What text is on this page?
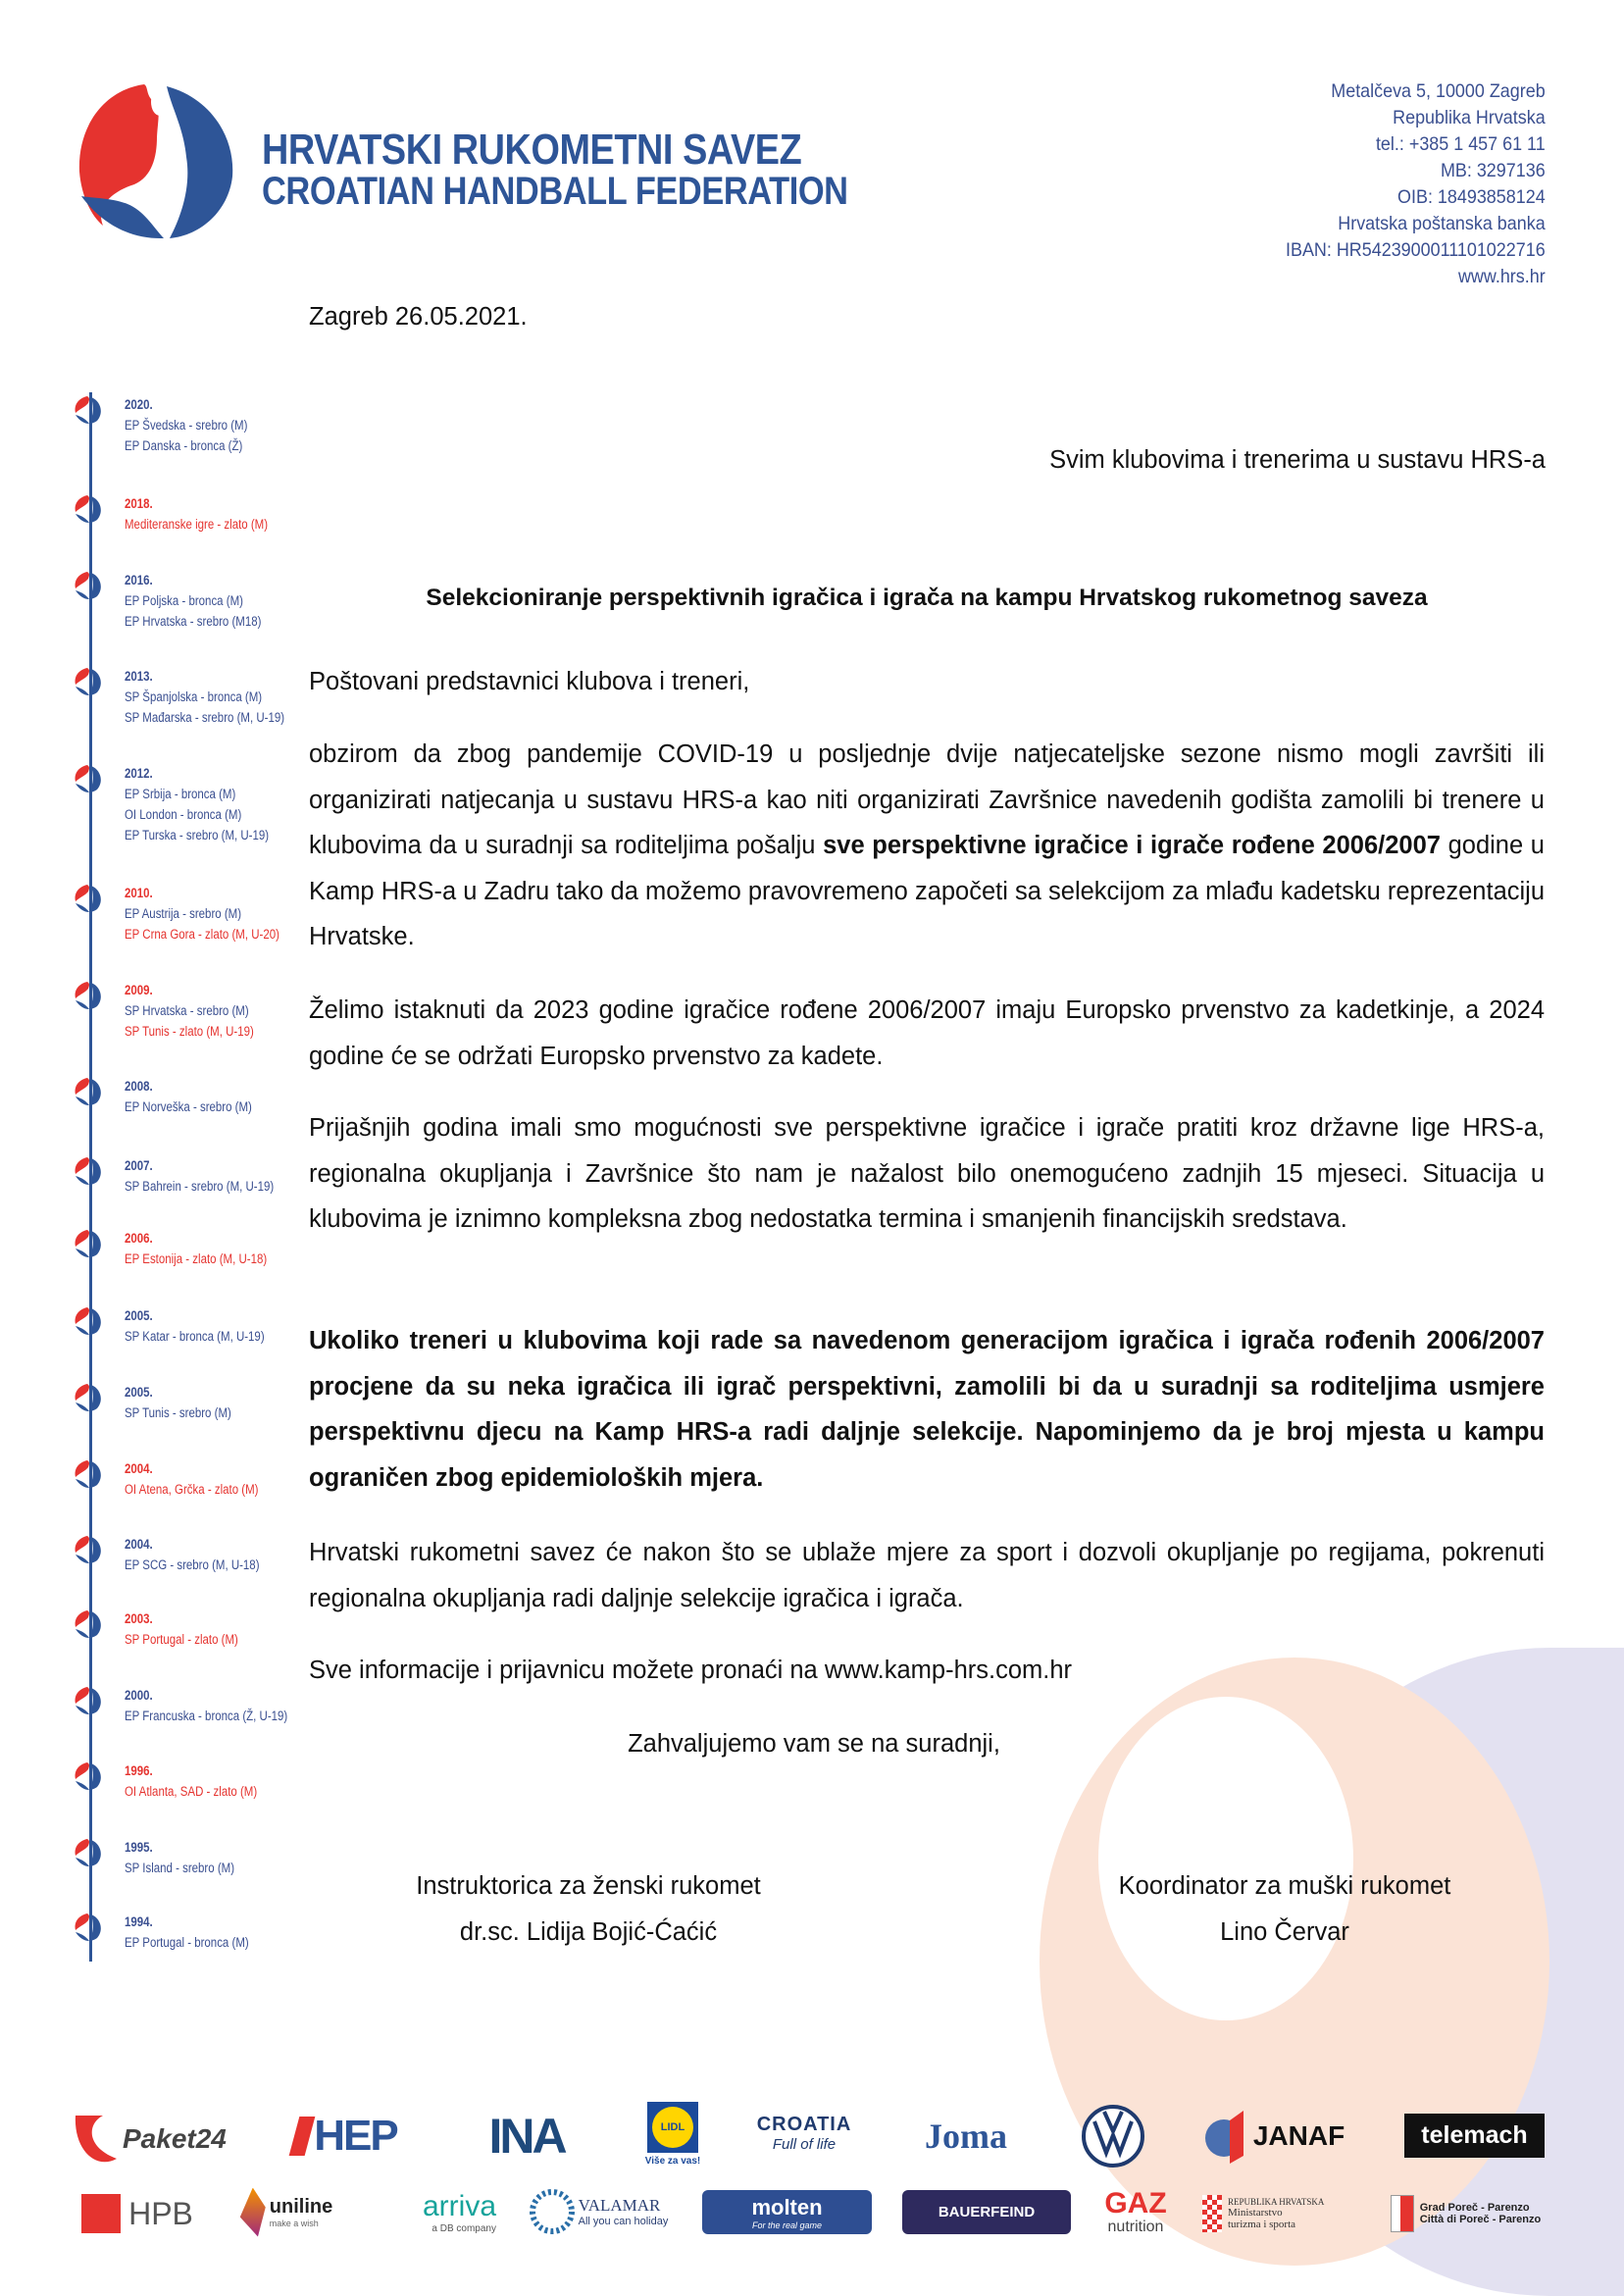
HRVATSKI RUKOMETNI SAVEZ
CROATIAN HANDBALL FEDERATION
Metalčeva 5, 10000 Zagreb
Republika Hrvatska
tel.: +385 1 457 61 11
MB: 3297136
OIB: 18493858124
Hrvatska poštanska banka
IBAN: HR5423900011101022716
www.hrs.hr
2020.
EP Švedska - srebro (M)
EP Danska - bronca (Ž)
2018.
Mediteranske igre - zlato (M)
2016.
EP Poljska - bronca (M)
EP Hrvatska - srebro (M18)
2013.
SP Španjolska - bronca (M)
SP Mađarska - srebro (M, U-19)
2012.
EP Srbija - bronca (M)
OI London - bronca (M)
EP Turska - srebro (M, U-19)
2010.
EP Austrija - srebro (M)
EP Crna Gora - zlato (M, U-20)
2009.
SP Hrvatska - srebro (M)
SP Tunis - zlato (M, U-19)
2008.
EP Norveška - srebro (M)
2007.
SP Bahrein - srebro (M, U-19)
2006.
EP Estonija - zlato (M, U-18)
2005.
SP Katar - bronca (M, U-19)
2005.
SP Tunis - srebro (M)
2004.
OI Atena, Grčka - zlato (M)
2004.
EP SCG - srebro (M, U-18)
2003.
SP Portugal - zlato (M)
2000.
EP Francuska - bronca (Ž, U-19)
1996.
OI Atlanta, SAD - zlato (M)
1995.
SP Island - srebro (M)
1994.
EP Portugal - bronca (M)
Zagreb 26.05.2021.
Svim klubovima i trenerima u sustavu HRS-a
Selekcioniranje perspektivnih igračica i igrača na kampu Hrvatskog rukometnog saveza
Poštovani predstavnici klubova i treneri,
obzirom da zbog pandemije COVID-19 u posljednje dvije natjecateljske sezone nismo mogli završiti ili organizirati natjecanja u sustavu HRS-a kao niti organizirati Završnice navedenih godišta zamolili bi trenere u klubovima da u suradnji sa roditeljima pošalju sve perspektivne igračice i igrače rođene 2006/2007 godine u Kamp HRS-a u Zadru tako da možemo pravovremeno započeti sa selekcijom za mlađu kadetsku reprezentaciju Hrvatske.
Želimo istaknuti da 2023 godine igračice rođene 2006/2007 imaju Europsko prvenstvo za kadetkinje, a 2024 godine će se održati Europsko prvenstvo za kadete.
Prijašnjih godina imali smo mogućnosti sve perspektivne igračice i igrače pratiti kroz državne lige HRS-a, regionalna okupljanja i Završnice što nam je nažalost bilo onemogućeno zadnjih 15 mjeseci. Situacija u klubovima je iznimno kompleksna zbog nedostatka termina i smanjenih financijskih sredstava.
Ukoliko treneri u klubovima koji rade sa navedenom generacijom igračica i igrača rođenih 2006/2007 procjene da su neka igračica ili igrač perspektivni, zamolili bi da u suradnji sa roditeljima usmjere perspektivnu djecu na Kamp HRS-a radi daljnje selekcije. Napominjemo da je broj mjesta u kampu ograničen zbog epidemioloških mjera.
Hrvatski rukometni savez će nakon što se ublaže mjere za sport i dozvoli okupljanje po regijama, pokrenuti regionalna okupljanja radi daljnje selekcije igračica i igrača.
Sve informacije i prijavnicu možete pronaći na www.kamp-hrs.com.hr
Zahvaljujemo vam se na suradnji,
Instruktorica za ženski rukomet
dr.sc. Lidija Bojić-Ćaćić
Koordinator za muški rukomet
Lino Červar
Paket24 HEP	INA	LIDL
Više za vas!
CROATIA
Full of life	Joma	JANAF	telemach
HPB	uniline
make a wish
arriva
a DB company
VALAMAR
All you can holiday
molten
For the real game
BAUERFEIND	GAZ
nutrition
REPUBLIKA HRVATSKA
Ministarstvo
turizma i sporta
Grad Poreč - Parenzo
Città di Poreč - Parenzo
